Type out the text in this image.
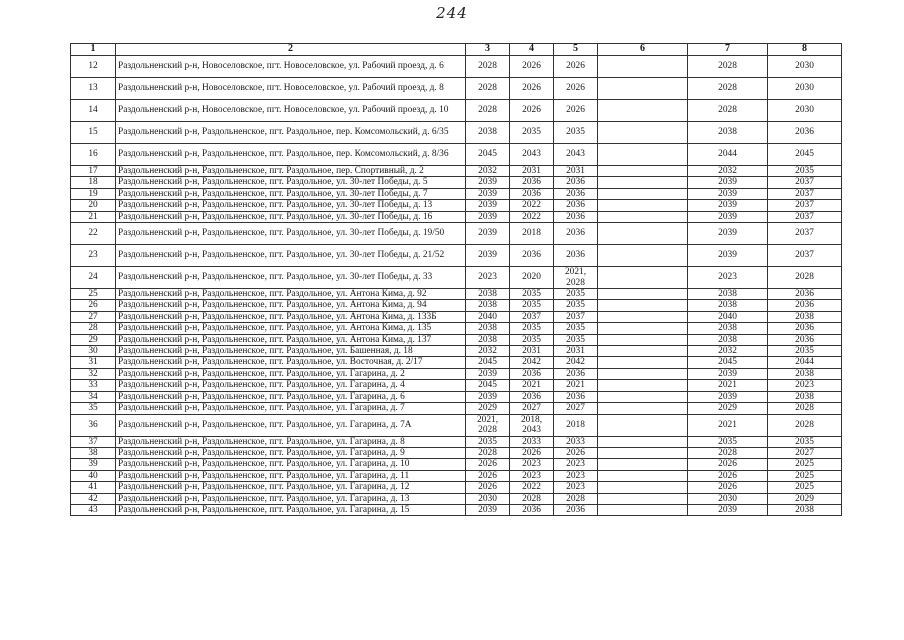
244
1	2	3	4	5	6	7	8
12	Раздольненский р-н, Новоселовское, пгт. Новоселовское, ул. Рабочий проезд, д. 6	2028	2026	2026		2028	2030
13	Раздольненский р-н, Новоселовское, пгт. Новоселовское, ул. Рабочий проезд, д. 8	2028	2026	2026		2028	2030
14	Раздольненский р-н, Новоселовское, пгт. Новоселовское, ул. Рабочий проезд, д. 10	2028	2026	2026		2028	2030
15	Раздольненский р-н, Раздольненское, пгт. Раздольное, пер. Комсомольский, д. 6/35	2038	2035	2035		2038	2036
16	Раздольненский р-н, Раздольненское, пгт. Раздольное, пер. Комсомольский, д. 8/36	2045	2043	2043		2044	2045
17	Раздольненский р-н, Раздольненское, пгт. Раздольное, пер. Спортивный, д. 2	2032	2031	2031		2032	2035
18	Раздольненский р-н, Раздольненское, пгт. Раздольное, ул. 30-лет Победы, д. 5	2039	2036	2036		2039	2037
19	Раздольненский р-н, Раздольненское, пгт. Раздольное, ул. 30-лет Победы, д. 7	2039	2036	2036		2039	2037
20	Раздольненский р-н, Раздольненское, пгт. Раздольное, ул. 30-лет Победы, д. 13	2039	2022	2036		2039	2037
21	Раздольненский р-н, Раздольненское, пгт. Раздольное, ул. 30-лет Победы, д. 16	2039	2022	2036		2039	2037
22	Раздольненский р-н, Раздольненское, пгт. Раздольное, ул. 30-лет Победы, д. 19/50	2039	2018	2036		2039	2037
23	Раздольненский р-н, Раздольненское, пгт. Раздольное, ул. 30-лет Победы, д. 21/52	2039	2036	2036		2039	2037
24	Раздольненский р-н, Раздольненское, пгт. Раздольное, ул. 30-лет Победы, д. 33	2023	2020	2021, 2028		2023	2028
25	Раздольненский р-н, Раздольненское, пгт. Раздольное, ул. Антона Кима, д. 92	2038	2035	2035		2038	2036
26	Раздольненский р-н, Раздольненское, пгт. Раздольное, ул. Антона Кима, д. 94	2038	2035	2035		2038	2036
27	Раздольненский р-н, Раздольненское, пгт. Раздольное, ул. Антона Кима, д. 133Б	2040	2037	2037		2040	2038
28	Раздольненский р-н, Раздольненское, пгт. Раздольное, ул. Антона Кима, д. 135	2038	2035	2035		2038	2036
29	Раздольненский р-н, Раздольненское, пгт. Раздольное, ул. Антона Кима, д. 137	2038	2035	2035		2038	2036
30	Раздольненский р-н, Раздольненское, пгт. Раздольное, ул. Башенная, д. 18	2032	2031	2031		2032	2035
31	Раздольненский р-н, Раздольненское, пгт. Раздольное, ул. Восточная, д. 2/17	2045	2042	2042		2045	2044
32	Раздольненский р-н, Раздольненское, пгт. Раздольное, ул. Гагарина, д. 2	2039	2036	2036		2039	2038
33	Раздольненский р-н, Раздольненское, пгт. Раздольное, ул. Гагарина, д. 4	2045	2021	2021		2021	2023
34	Раздольненский р-н, Раздольненское, пгт. Раздольное, ул. Гагарина, д. 6	2039	2036	2036		2039	2038
35	Раздольненский р-н, Раздольненское, пгт. Раздольное, ул. Гагарина, д. 7	2029	2027	2027		2029	2028
36	Раздольненский р-н, Раздольненское, пгт. Раздольное, ул. Гагарина, д. 7А	2021, 2028	2018, 2043	2018		2021	2028
37	Раздольненский р-н, Раздольненское, пгт. Раздольное, ул. Гагарина, д. 8	2035	2033	2033		2035	2035
38	Раздольненский р-н, Раздольненское, пгт. Раздольное, ул. Гагарина, д. 9	2028	2026	2026		2028	2027
39	Раздольненский р-н, Раздольненское, пгт. Раздольное, ул. Гагарина, д. 10	2026	2023	2023		2026	2025
40	Раздольненский р-н, Раздольненское, пгт. Раздольное, ул. Гагарина, д. 11	2026	2023	2023		2026	2025
41	Раздольненский р-н, Раздольненское, пгт. Раздольное, ул. Гагарина, д. 12	2026	2022	2023		2026	2025
42	Раздольненский р-н, Раздольненское, пгт. Раздольное, ул. Гагарина, д. 13	2030	2028	2028		2030	2029
43	Раздольненский р-н, Раздольненское, пгт. Раздольное, ул. Гагарина, д. 15	2039	2036	2036		2039	2038
